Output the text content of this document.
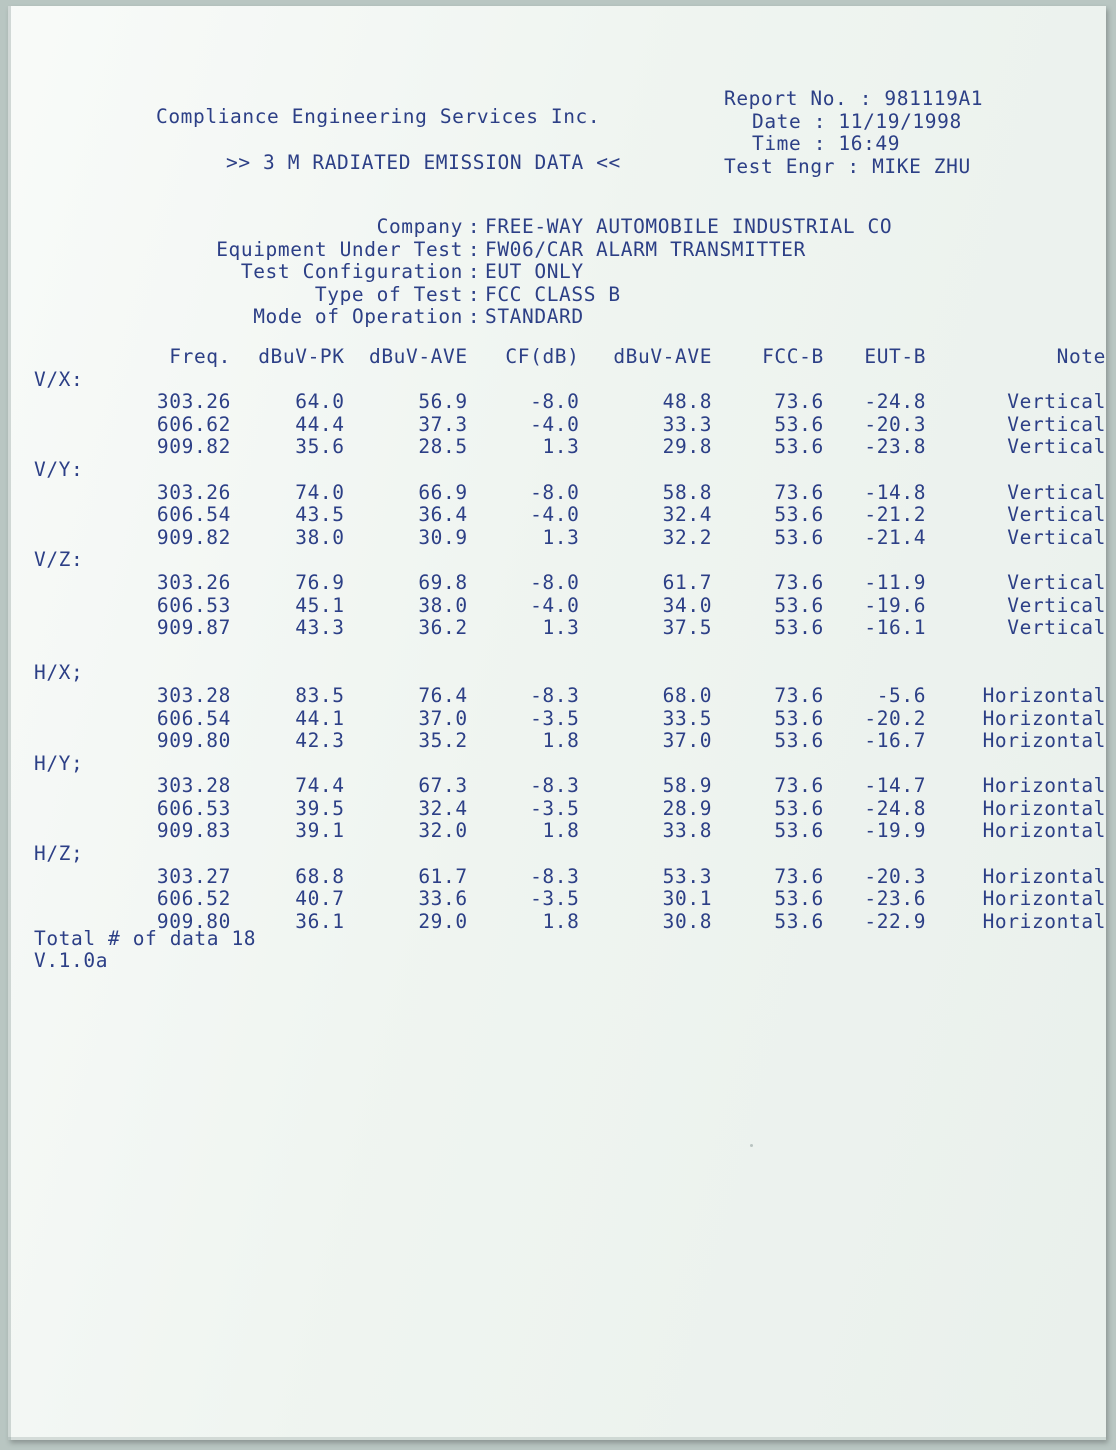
Compliance Engineering Services Inc.
>> 3 M RADIATED EMISSION DATA <<
Report No. : 981119A1
Date : 11/19/1998
Time : 16:49
Test Engr : MIKE ZHU
Company : FREE-WAY AUTOMOBILE INDUSTRIAL CO
Equipment Under Test : FW06/CAR ALARM TRANSMITTER
Test Configuration : EUT ONLY
Type of Test : FCC CLASS B
Mode of Operation : STANDARD
Freq.	dBuV-PK	dBuV-AVE	CF(dB)	dBuV-AVE	FCC-B	EUT-B	Note
V/X:
303.26	64.0	56.9	-8.0	48.8	73.6	-24.8	Vertical
606.62	44.4	37.3	-4.0	33.3	53.6	-20.3	Vertical
909.82	35.6	28.5	1.3	29.8	53.6	-23.8	Vertical
V/Y:
303.26	74.0	66.9	-8.0	58.8	73.6	-14.8	Vertical
606.54	43.5	36.4	-4.0	32.4	53.6	-21.2	Vertical
909.82	38.0	30.9	1.3	32.2	53.6	-21.4	Vertical
V/Z:
303.26	76.9	69.8	-8.0	61.7	73.6	-11.9	Vertical
606.53	45.1	38.0	-4.0	34.0	53.6	-19.6	Vertical
909.87	43.3	36.2	1.3	37.5	53.6	-16.1	Vertical
H/X;
303.28	83.5	76.4	-8.3	68.0	73.6	-5.6	Horizontal
606.54	44.1	37.0	-3.5	33.5	53.6	-20.2	Horizontal
909.80	42.3	35.2	1.8	37.0	53.6	-16.7	Horizontal
H/Y;
303.28	74.4	67.3	-8.3	58.9	73.6	-14.7	Horizontal
606.53	39.5	32.4	-3.5	28.9	53.6	-24.8	Horizontal
909.83	39.1	32.0	1.8	33.8	53.6	-19.9	Horizontal
H/Z;
303.27	68.8	61.7	-8.3	53.3	73.6	-20.3	Horizontal
606.52	40.7	33.6	-3.5	30.1	53.6	-23.6	Horizontal
909.80	36.1	29.0	1.8	30.8	53.6	-22.9	Horizontal
Total # of data 18
V.1.0a
